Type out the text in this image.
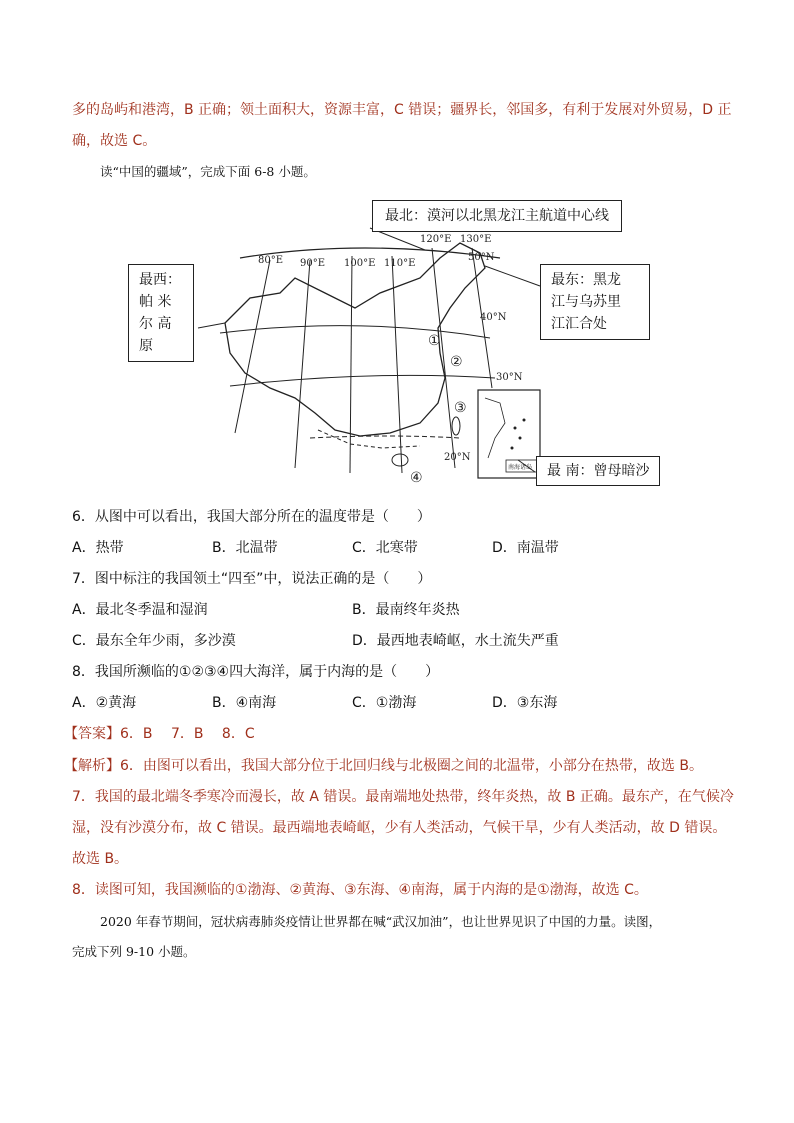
多的岛屿和港湾，B 正确；领土面积大，资源丰富，C 错误；疆界长，邻国多，有利于发展对外贸易，D 正
确，故选 C。
读“中国的疆域”，完成下面 6-8 小题。
南海诸岛
80°E 90°E 100°E 110°E
120°E 130°E
50°N
40°N
30°N
20°N
①
②
③
④
最北：漠河以北黑龙江主航道中心线
最西：
帕 米
尔 高
原
最东：黑龙
江与乌苏里
江汇合处
最 南：曾母暗沙
6．从图中可以看出，我国大部分所在的温度带是（　　）
A．热带	B．北温带	C．北寒带	D．南温带
7．图中标注的我国领土“四至”中，说法正确的是（　　）
A．最北冬季温和湿润	B．最南终年炎热
C．最东全年少雨，多沙漠	D．最西地表崎岖，水土流失严重
8．我国所濒临的①②③④四大海洋，属于内海的是（　　）
A．②黄海	B．④南海	C．①渤海	D．③东海
【答案】6．B　 7．B　 8．C
【解析】6．由图可以看出，我国大部分位于北回归线与北极圈之间的北温带，小部分在热带，故选 B。
7．我国的最北端冬季寒冷而漫长，故 A 错误。最南端地处热带，终年炎热，故 B 正确。最东产，在气候冷
湿，没有沙漠分布，故 C 错误。最西端地表崎岖，少有人类活动，气候干旱，少有人类活动，故 D 错误。
故选 B。
8．读图可知，我国濒临的①渤海、②黄海、③东海、④南海，属于内海的是①渤海，故选 C。
2020 年春节期间，冠状病毒肺炎疫情让世界都在喊“武汉加油”，也让世界见识了中国的力量。读图，
完成下列 9-10 小题。
